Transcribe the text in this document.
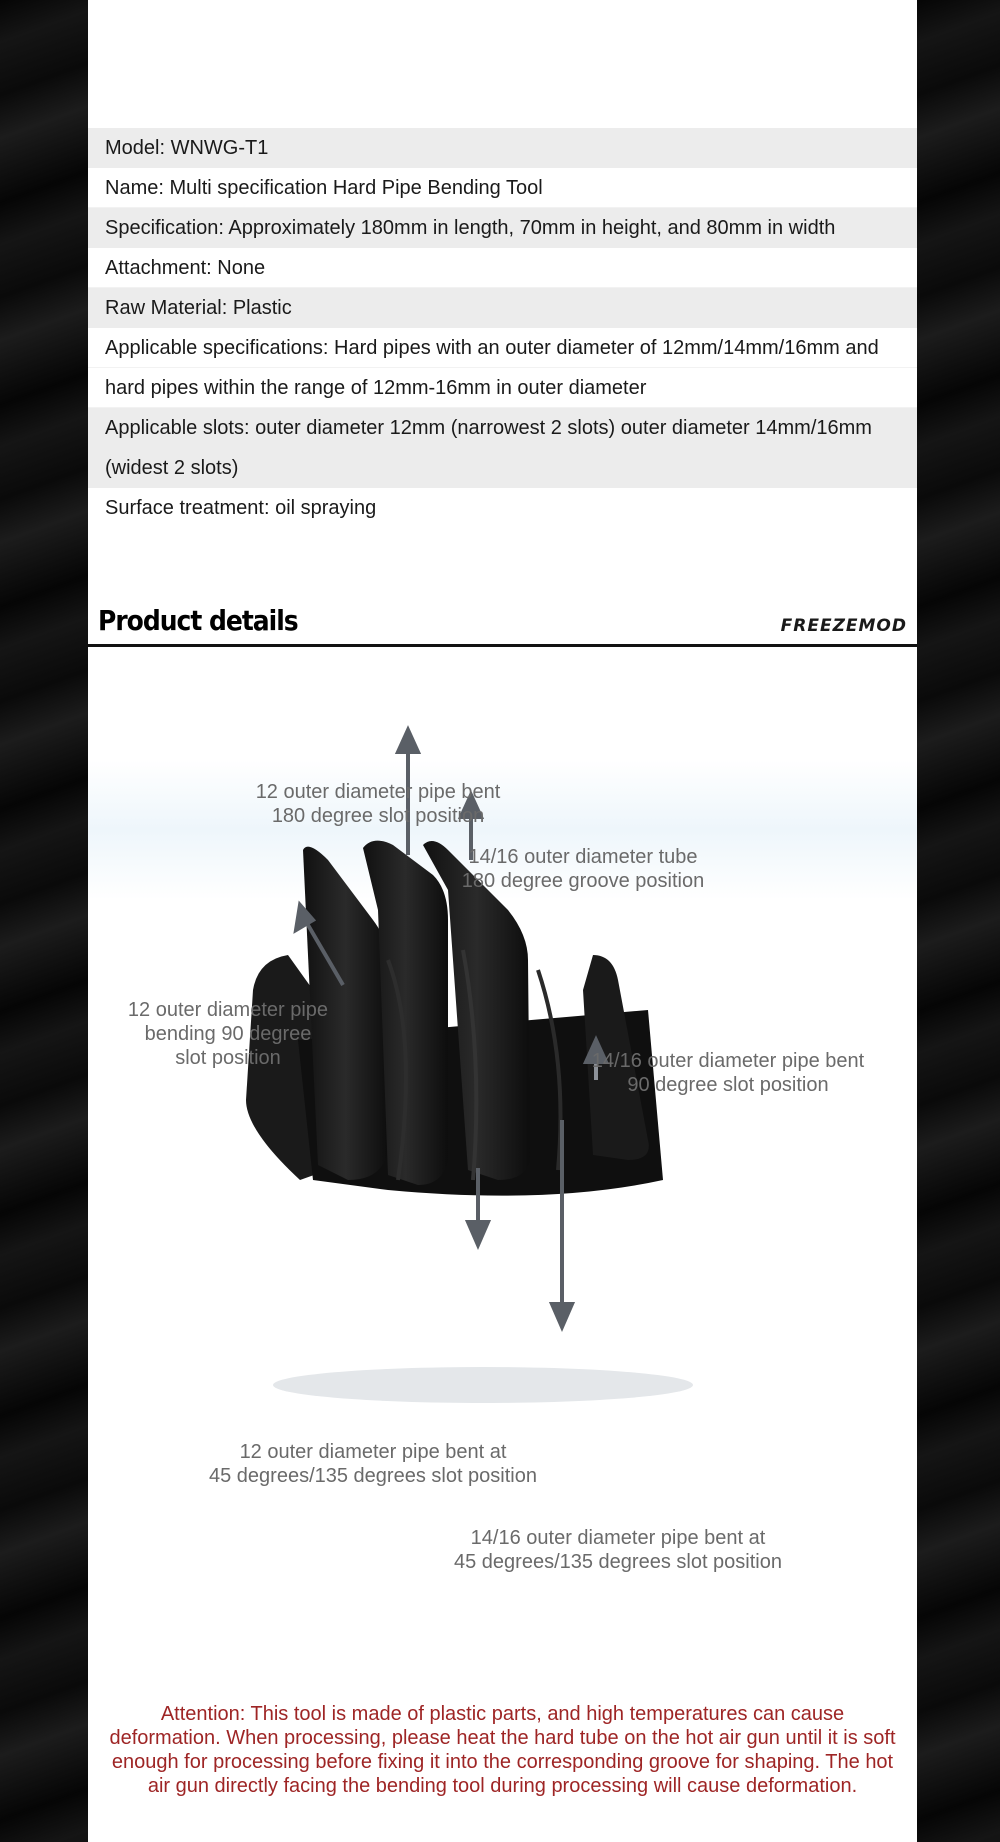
Model: WNWG-T1
Name: Multi specification Hard Pipe Bending Tool
Specification: Approximately 180mm in length, 70mm in height, and 80mm in width
Attachment: None
Raw Material: Plastic
Applicable specifications: Hard pipes with an outer diameter of 12mm/14mm/16mm and
hard pipes within the range of 12mm-16mm in outer diameter
Applicable slots: outer diameter 12mm (narrowest 2 slots) outer diameter 14mm/16mm
(widest 2 slots)
Surface treatment: oil spraying
Product details	FREEZEMOD
12 outer diameter pipe bent
180 degree slot position
14/16 outer diameter tube
180 degree groove position
12 outer diameter pipe
bending 90 degree
slot position	14/16 outer diameter pipe bent
90 degree slot position
12 outer diameter pipe bent at
45 degrees/135 degrees slot position
14/16 outer diameter pipe bent at
45 degrees/135 degrees slot position
Attention: This tool is made of plastic parts, and high temperatures can cause deformation. When processing, please heat the hard tube on the hot air gun until it is soft enough for processing before fixing it into the corresponding groove for shaping. The hot air gun directly facing the bending tool during processing will cause deformation.
